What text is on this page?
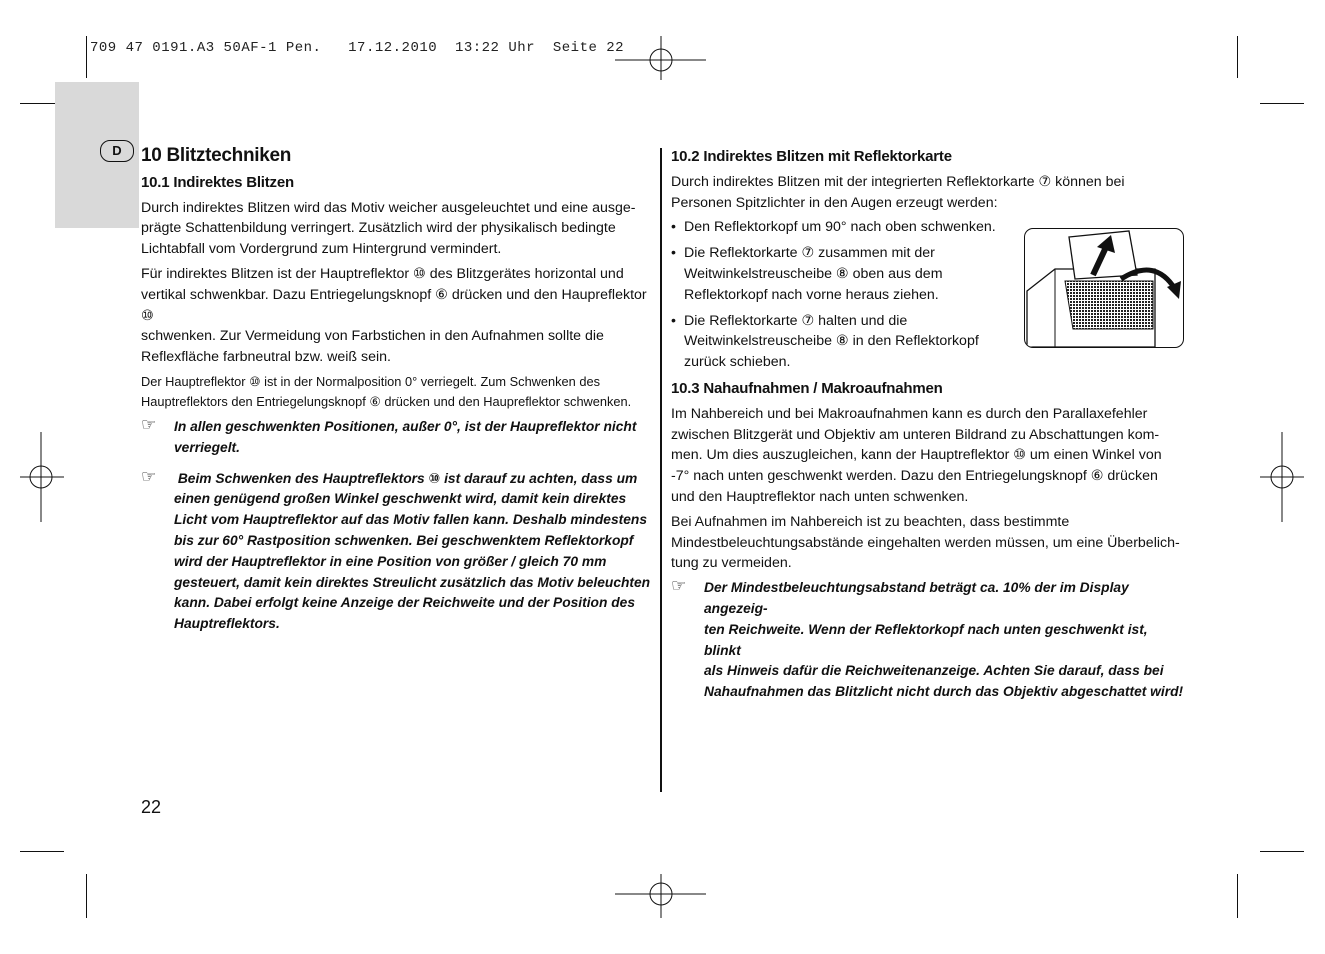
709 47 0191.A3 50AF-1 Pen.   17.12.2010  13:22 Uhr  Seite 22
D	10 Blitztechniken
10.1 Indirektes Blitzen

Durch indirektes Blitzen wird das Motiv weicher ausgeleuchtet und eine ausge-
prägte Schattenbildung verringert. Zusätzlich wird der physikalisch bedingte
Lichtabfall vom Vordergrund zum Hintergrund vermindert.

Für indirektes Blitzen ist der Hauptreflektor ⑩ des Blitzgerätes horizontal und
vertikal schwenkbar. Dazu Entriegelungsknopf ⑥ drücken und den Haupreflektor ⑩
schwenken. Zur Vermeidung von Farbstichen in den Aufnahmen sollte die
Reflexfläche farbneutral bzw. weiß sein.

Der Hauptreflektor ⑩ ist in der Normalposition 0° verriegelt. Zum Schwenken des
Hauptreflektors den Entriegelungsknopf ⑥ drücken und den Haupreflektor schwenken.

☞ In allen geschwenkten Positionen, außer 0°, ist der Haupreflektor nicht
verriegelt.
☞ Beim Schwenken des Hauptreflektors ⑩ ist darauf zu achten, dass um
einen genügend großen Winkel geschwenkt wird, damit kein direktes
Licht vom Hauptreflektor auf das Motiv fallen kann. Deshalb mindestens
bis zur 60° Rastposition schwenken. Bei geschwenktem Reflektorkopf
wird der Hauptreflektor in eine Position von größer / gleich 70 mm
gesteuert, damit kein direktes Streulicht zusätzlich das Motiv beleuchten
kann. Dabei erfolgt keine Anzeige der Reichweite und der Position des
Hauptreflektors.
10.2 Indirektes Blitzen mit Reflektorkarte

Durch indirektes Blitzen mit der integrierten Reflektorkarte ⑦ können bei
Personen Spitzlichter in den Augen erzeugt werden:

• Den Reflektorkopf um 90° nach oben schwenken.
• Die Reflektorkarte ⑦ zusammen mit der
Weitwinkelstreuscheibe ⑧ oben aus dem
Reflektorkopf nach vorne heraus ziehen.
• Die Reflektorkarte ⑦ halten und die
Weitwinkelstreuscheibe ⑧ in den Reflektorkopf
zurück schieben.
10.3 Nahaufnahmen / Makroaufnahmen

Im Nahbereich und bei Makroaufnahmen kann es durch den Parallaxefehler
zwischen Blitzgerät und Objektiv am unteren Bildrand zu Abschattungen kom-
men. Um dies auszugleichen, kann der Hauptreflektor ⑩ um einen Winkel von
-7° nach unten geschwenkt werden. Dazu den Entriegelungsknopf ⑥ drücken
und den Hauptreflektor nach unten schwenken.

Bei Aufnahmen im Nahbereich ist zu beachten, dass bestimmte
Mindestbeleuchtungsabstände eingehalten werden müssen, um eine Überbelich-
tung zu vermeiden.

☞ Der Mindestbeleuchtungsabstand beträgt ca. 10% der im Display angezeig-
ten Reichweite. Wenn der Reflektorkopf nach unten geschwenkt ist, blinkt
als Hinweis dafür die Reichweitenanzeige. Achten Sie darauf, dass bei
Nahaufnahmen das Blitzlicht nicht durch das Objektiv abgeschattet wird!
22
